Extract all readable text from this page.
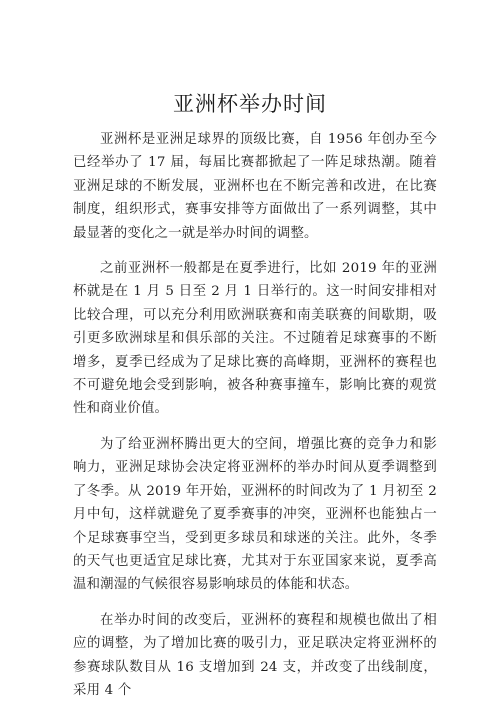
亚洲杯举办时间

亚洲杯是亚洲足球界的顶级比赛，自 1956 年创办至今已经举办了 17 届，每届比赛都掀起了一阵足球热潮。随着亚洲足球的不断发展，亚洲杯也在不断完善和改进，在比赛制度，组织形式，赛事安排等方面做出了一系列调整，其中最显著的变化之一就是举办时间的调整。

之前亚洲杯一般都是在夏季进行，比如 2019 年的亚洲杯就是在 1 月 5 日至 2 月 1 日举行的。这一时间安排相对比较合理，可以充分利用欧洲联赛和南美联赛的间歇期，吸引更多欧洲球星和俱乐部的关注。不过随着足球赛事的不断增多，夏季已经成为了足球比赛的高峰期，亚洲杯的赛程也不可避免地会受到影响，被各种赛事撞车，影响比赛的观赏性和商业价值。

为了给亚洲杯腾出更大的空间，增强比赛的竞争力和影响力，亚洲足球协会决定将亚洲杯的举办时间从夏季调整到了冬季。从 2019 年开始，亚洲杯的时间改为了 1 月初至 2 月中旬，这样就避免了夏季赛事的冲突，亚洲杯也能独占一个足球赛事空当，受到更多球员和球迷的关注。此外，冬季的天气也更适宜足球比赛，尤其对于东亚国家来说，夏季高温和潮湿的气候很容易影响球员的体能和状态。

在举办时间的改变后，亚洲杯的赛程和规模也做出了相应的调整，为了增加比赛的吸引力，亚足联决定将亚洲杯的参赛球队数目从 16 支增加到 24 支，并改变了出线制度，采用 4 个
